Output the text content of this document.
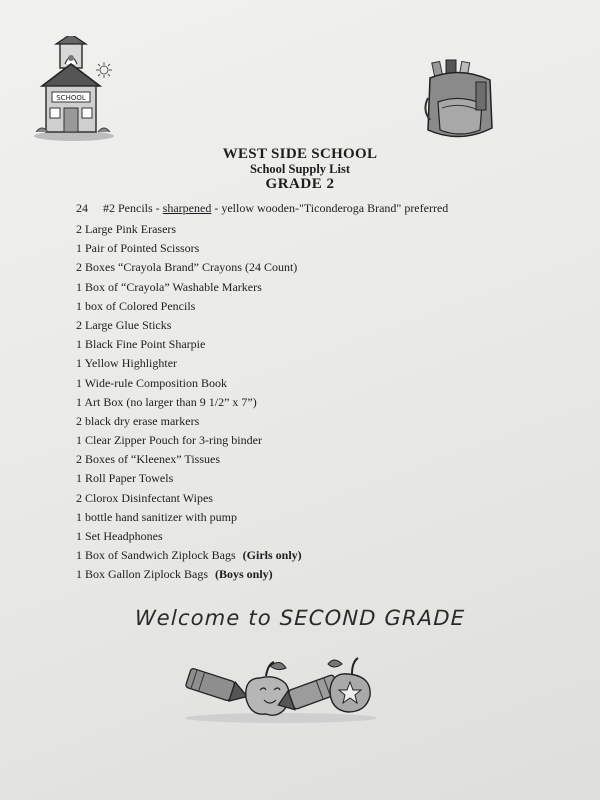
SCHOOL
WEST SIDE SCHOOL
School Supply List
GRADE 2
24 #2 Pencils - sharpened - yellow wooden-"Ticonderoga Brand" preferred
2 Large Pink Erasers
1 Pair of Pointed Scissors
2 Boxes “Crayola Brand” Crayons (24 Count)
1 Box of “Crayola” Washable Markers
1 box of Colored Pencils
2 Large Glue Sticks
1 Black Fine Point Sharpie
1 Yellow Highlighter
1 Wide-rule Composition Book
1 Art Box (no larger than 9 1/2” x 7”)
2 black dry erase markers
1 Clear Zipper Pouch for 3-ring binder
2 Boxes of “Kleenex” Tissues
1 Roll Paper Towels
2 Clorox Disinfectant Wipes
1 bottle hand sanitizer with pump
1 Set Headphones
1 Box of Sandwich Ziplock Bags (Girls only)
1 Box Gallon Ziplock Bags (Boys only)
Welcome to SECOND GRADE
